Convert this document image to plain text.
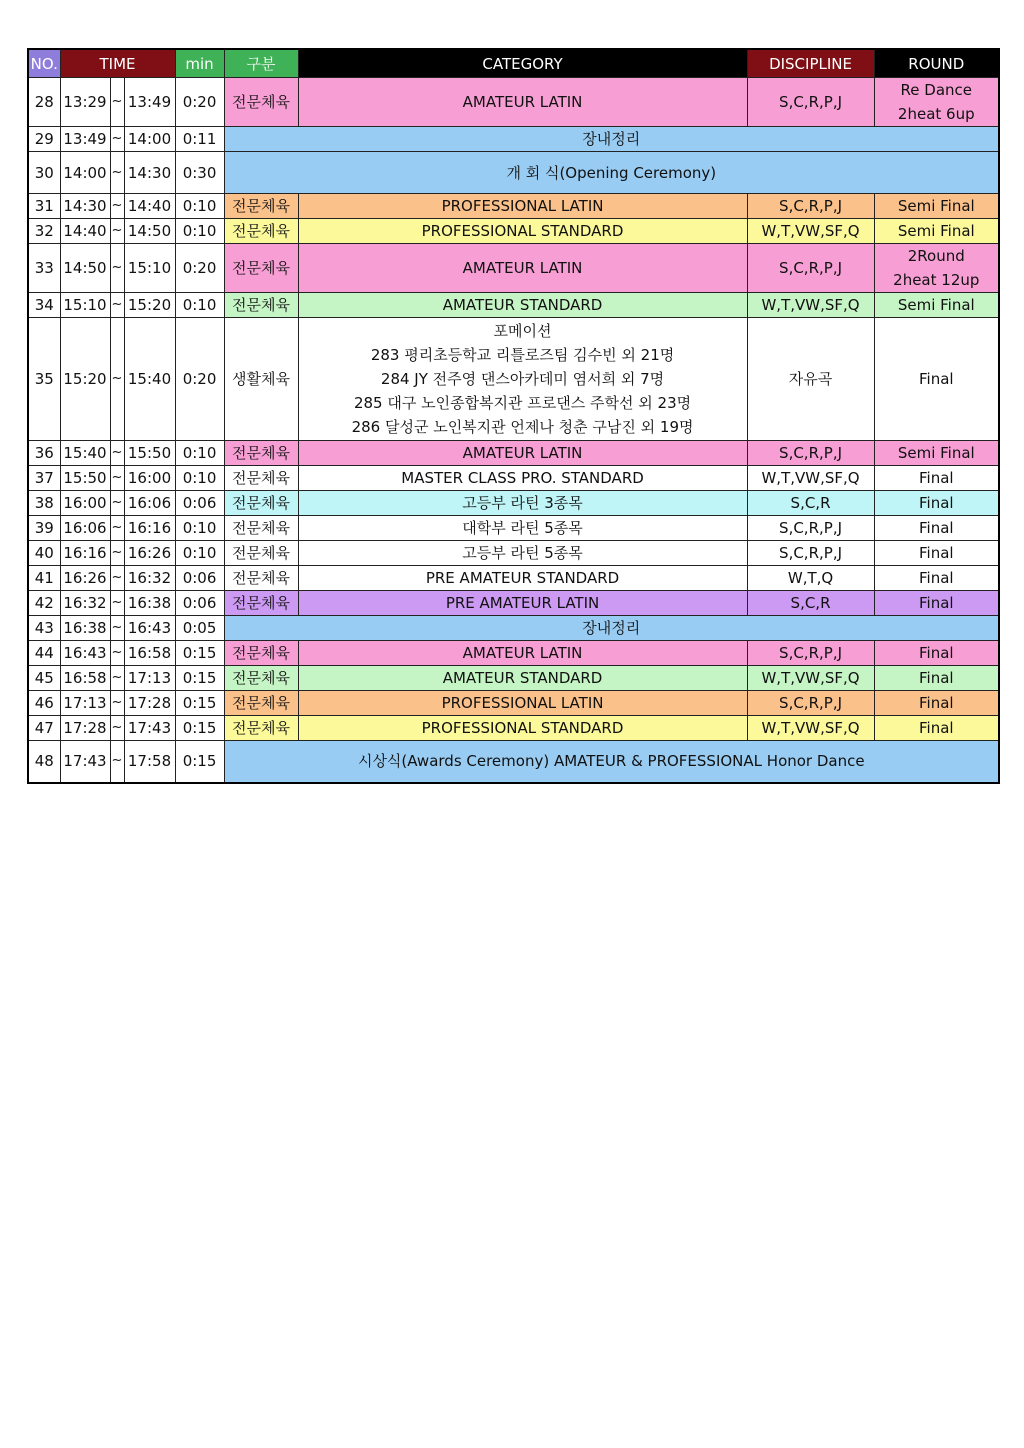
NO.	TIME			min	구분	CATEGORY	DISCIPLINE	ROUND
28	13:29	~	13:49	0:20	전문체육	AMATEUR LATIN	S,C,R,P,J	Re Dance
2heat 6up

29	13:49	~	14:00	0:11	장내정리			
30	14:00	~	14:30	0:30	개 회 식(Opening Ceremony)			
31	14:30	~	14:40	0:10	전문체육	PROFESSIONAL LATIN	S,C,R,P,J	Semi Final

32	14:40	~	14:50	0:10	전문체육	PROFESSIONAL STANDARD	W,T,VW,SF,Q	Semi Final

33	14:50	~	15:10	0:20	전문체육	AMATEUR LATIN	S,C,R,P,J	2Round
2heat 12up

34	15:10	~	15:20	0:10	전문체육	AMATEUR STANDARD	W,T,VW,SF,Q	Semi Final

35	15:20	~	15:40	0:20	생활체육	포메이션
283 평리초등학교 리틀로즈팀 김수빈 외 21명
284 JY 전주영 댄스아카데미 염서희 외 7명
285 대구 노인종합복지관 프로댄스 주학선 외 23명
286 달성군 노인복지관 언제나 청춘 구남진 외 19명	자유곡	Final

36	15:40	~	15:50	0:10	전문체육	AMATEUR LATIN	S,C,R,P,J	Semi Final

37	15:50	~	16:00	0:10	전문체육	MASTER CLASS PRO. STANDARD	W,T,VW,SF,Q	Final

38	16:00	~	16:06	0:06	전문체육	고등부 라틴 3종목	S,C,R	Final

39	16:06	~	16:16	0:10	전문체육	대학부 라틴 5종목	S,C,R,P,J	Final

40	16:16	~	16:26	0:10	전문체육	고등부 라틴 5종목	S,C,R,P,J	Final

41	16:26	~	16:32	0:06	전문체육	PRE AMATEUR STANDARD	W,T,Q	Final

42	16:32	~	16:38	0:06	전문체육	PRE AMATEUR LATIN	S,C,R	Final

43	16:38	~	16:43	0:05	장내정리			
44	16:43	~	16:58	0:15	전문체육	AMATEUR LATIN	S,C,R,P,J	Final

45	16:58	~	17:13	0:15	전문체육	AMATEUR STANDARD	W,T,VW,SF,Q	Final

46	17:13	~	17:28	0:15	전문체육	PROFESSIONAL LATIN	S,C,R,P,J	Final

47	17:28	~	17:43	0:15	전문체육	PROFESSIONAL STANDARD	W,T,VW,SF,Q	Final

48	17:43	~	17:58	0:15	시상식(Awards Ceremony) AMATEUR & PROFESSIONAL Honor Dance			
